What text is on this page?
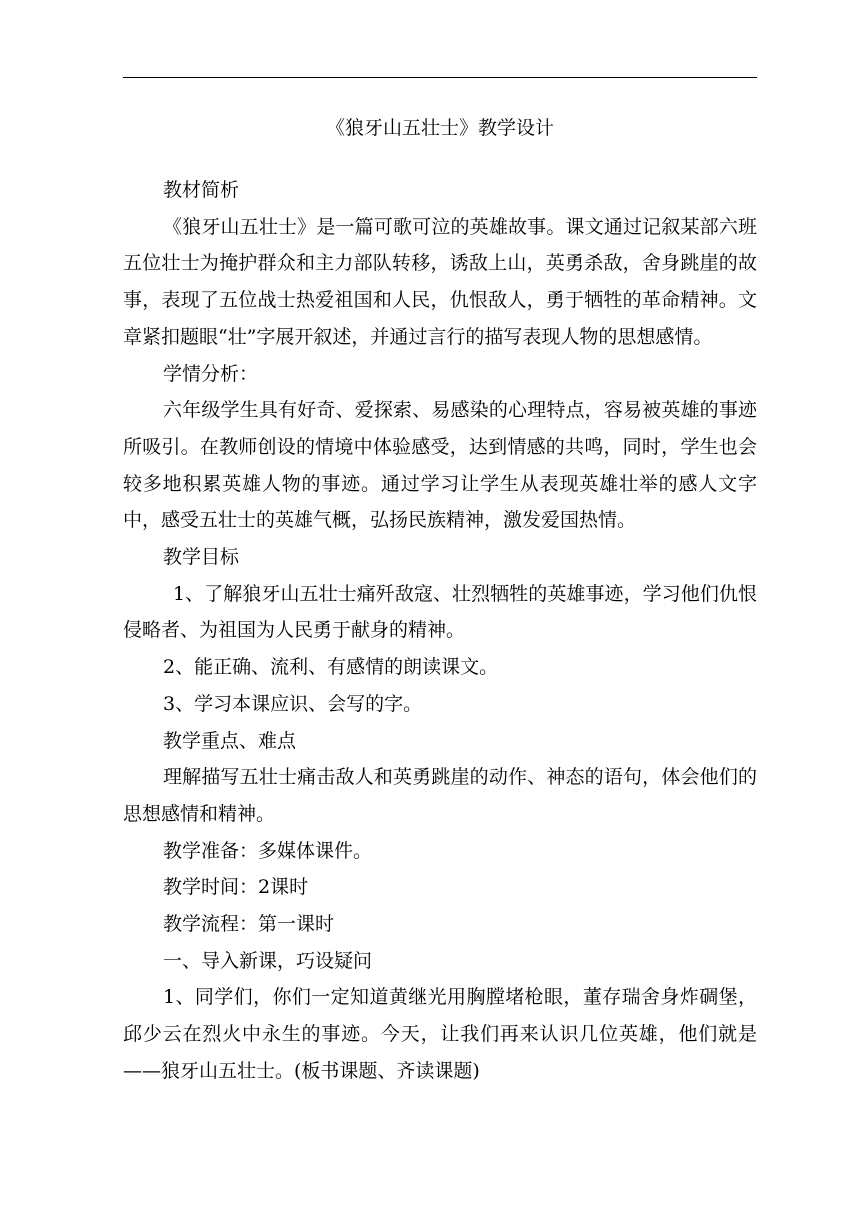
《狼牙山五壮士》教学设计

教材简析

《狼牙山五壮士》是一篇可歌可泣的英雄故事。课文通过记叙某部六班五位壮士为掩护群众和主力部队转移，诱敌上山，英勇杀敌，舍身跳崖的故事，表现了五位战士热爱祖国和人民，仇恨敌人，勇于牺牲的革命精神。文章紧扣题眼“壮”字展开叙述，并通过言行的描写表现人物的思想感情。

学情分析：

六年级学生具有好奇、爱探索、易感染的心理特点，容易被英雄的事迹所吸引。在教师创设的情境中体验感受，达到情感的共鸣，同时，学生也会较多地积累英雄人物的事迹。通过学习让学生从表现英雄壮举的感人文字中，感受五壮士的英雄气概，弘扬民族精神，激发爱国热情。

教学目标

1、了解狼牙山五壮士痛歼敌寇、壮烈牺牲的英雄事迹，学习他们仇恨侵略者、为祖国为人民勇于献身的精神。

2、能正确、流利、有感情的朗读课文。

3、学习本课应识、会写的字。

教学重点、难点

理解描写五壮士痛击敌人和英勇跳崖的动作、神态的语句，体会他们的思想感情和精神。

教学准备：多媒体课件。

教学时间：2课时

教学流程：第一课时

一、导入新课，巧设疑问

1、同学们，你们一定知道黄继光用胸膛堵枪眼，董存瑞舍身炸碉堡，邱少云在烈火中永生的事迹。今天，让我们再来认识几位英雄，他们就是——狼牙山五壮士。(板书课题、齐读课题)
